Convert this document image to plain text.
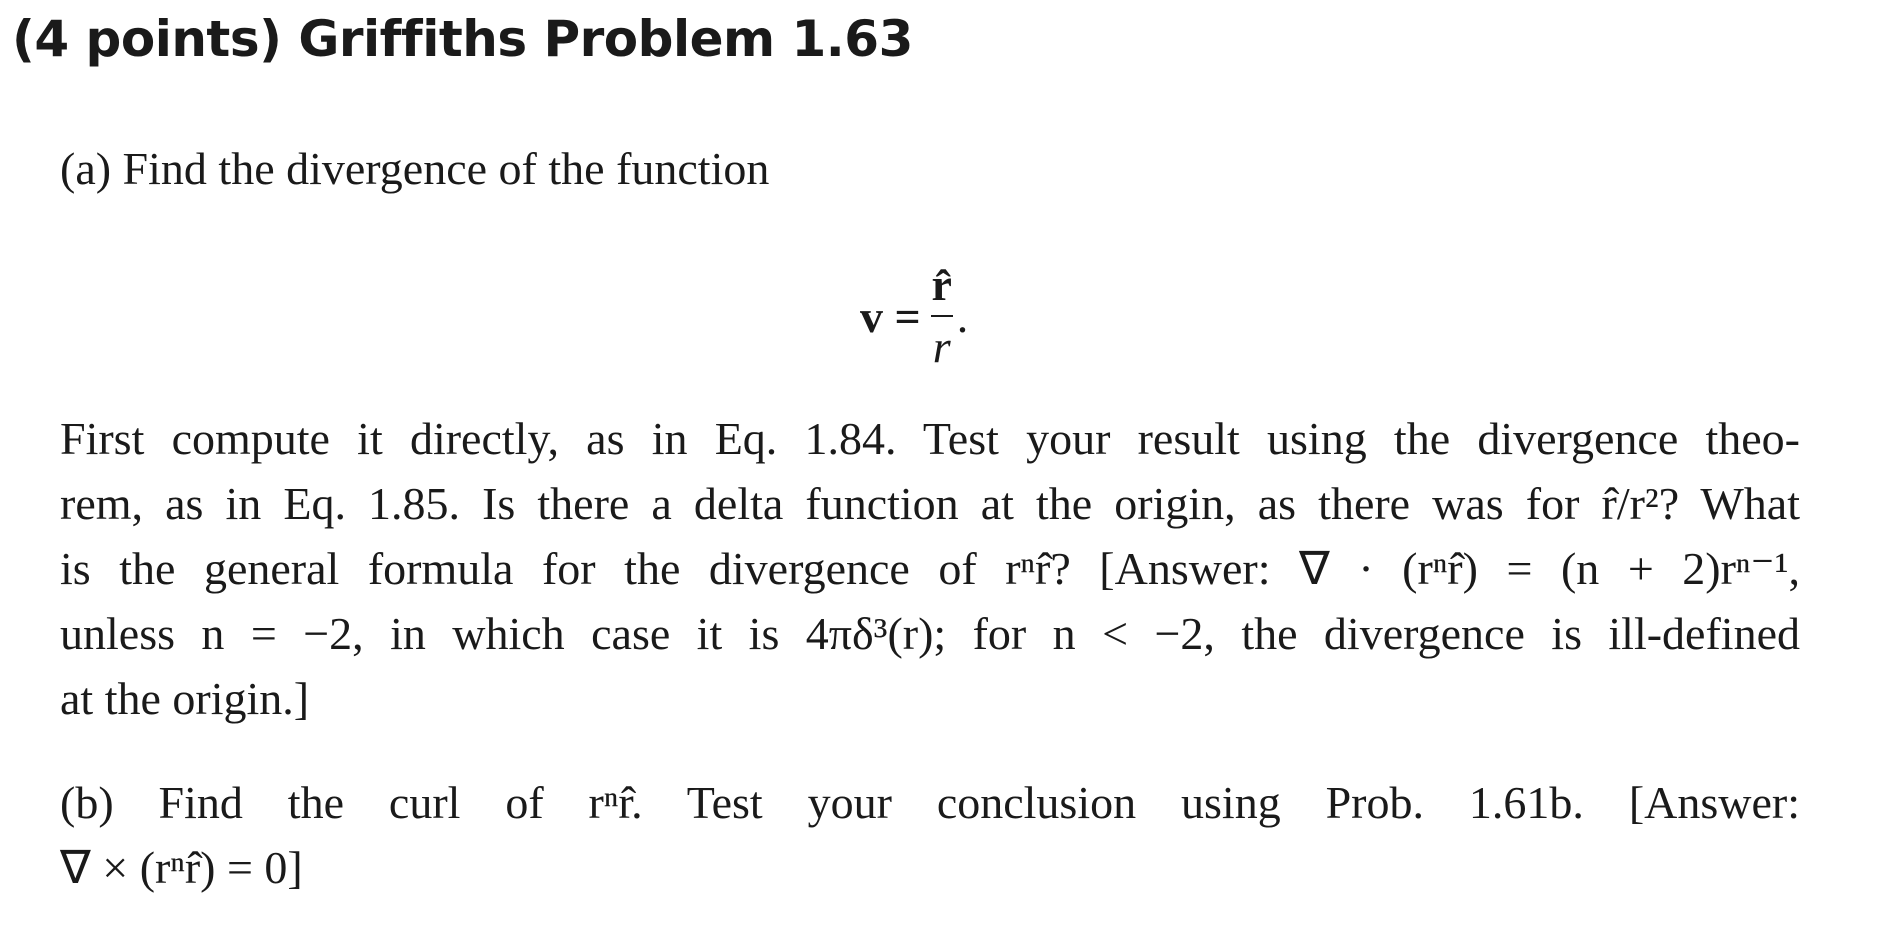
(4 points) Griffiths Problem 1.63
(a) Find the divergence of the function
$v = \frac{r̂}{r}$ .
First compute it directly, as in Eq. 1.84. Test your result using the divergence theo-
rem, as in Eq. 1.85. Is there a delta function at the origin, as there was for r̂/r²? What
is the general formula for the divergence of rⁿr̂? [Answer: ∇ · (rⁿr̂) = (n + 2)rⁿ⁻¹,
unless n = −2, in which case it is 4πδ³(r); for n < −2, the divergence is ill-defined
at the origin.]
(b) Find the curl of rⁿr̂. Test your conclusion using Prob. 1.61b. [Answer:
∇ × (rⁿr̂) = 0]
